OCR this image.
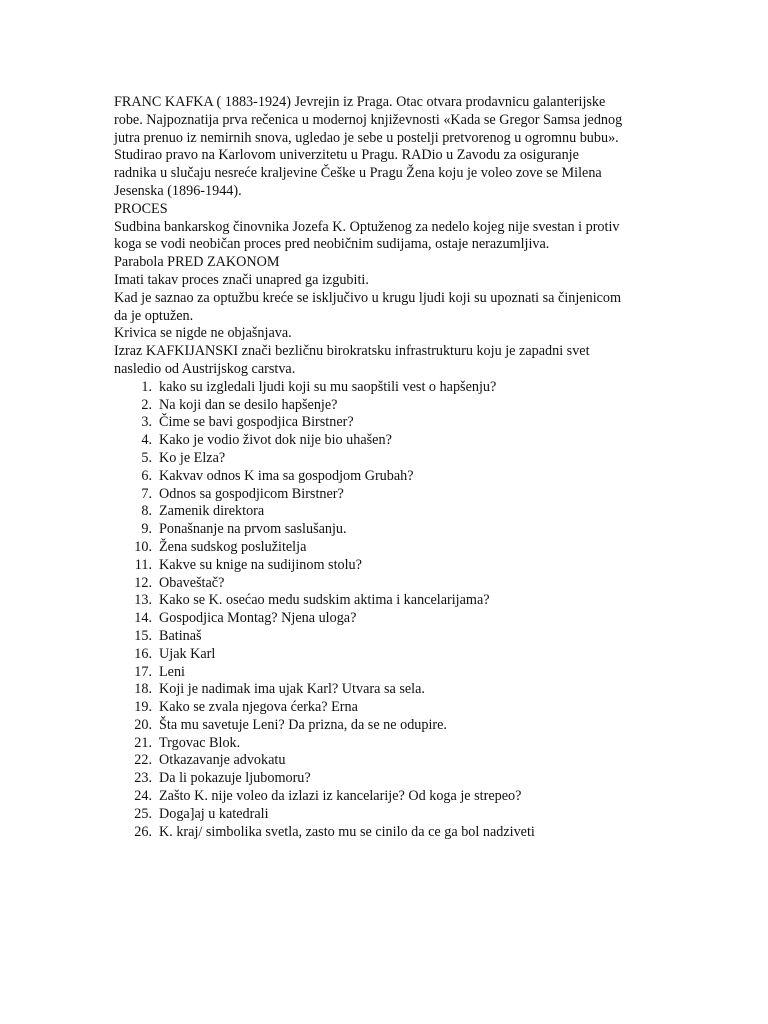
FRANC KAFKA ( 1883-1924) Jevrejin iz Praga. Otac otvara prodavnicu galanterijske

robe. Najpoznatija prva rečenica u modernoj književnosti «Kada se Gregor Samsa jednog

jutra prenuo iz nemirnih snova, ugledao je sebe u postelji pretvorenog u ogromnu bubu».

Studirao pravo na Karlovom univerzitetu u Pragu. RADio u Zavodu za osiguranje

radnika u slučaju nesreće kraljevine Češke u Pragu Žena koju je voleo zove se Milena

Jesenska (1896-1944).

PROCES

Sudbina bankarskog činovnika Jozefa K. Optuženog za nedelo kojeg nije svestan i protiv

koga se vodi neobičan proces pred neobičnim sudijama, ostaje nerazumljiva.

Parabola PRED ZAKONOM

Imati takav proces znači unapred ga izgubiti.

Kad je saznao za optužbu kreće se isključivo u krugu ljudi koji su upoznati sa činjenicom

da je optužen.

Krivica se nigde ne objašnjava.

Izraz KAFKIJANSKI znači bezličnu birokratsku infrastrukturu koju je zapadni svet

nasledio od Austrijskog carstva.

1. kako su izgledali ljudi koji su mu saopštili vest o hapšenju?
2. Na koji dan se desilo hapšenje?
3. Čime se bavi gospodjica Birstner?
4. Kako je vodio život dok nije bio uhašen?
5. Ko je Elza?
6. Kakvav odnos K ima sa gospodjom Grubah?
7. Odnos sa gospodjicom Birstner?
8. Zamenik direktora
9. Ponašnanje na prvom saslušanju.
10. Žena sudskog poslužitelja
11. Kakve su knige na sudijinom stolu?
12. Obaveštač?
13. Kako se K. osećao medu sudskim aktima i kancelarijama?
14. Gospodjica Montag? Njena uloga?
15. Batinaš
16. Ujak Karl
17. Leni
18. Koji je nadimak ima ujak Karl? Utvara sa sela.
19. Kako se zvala njegova ćerka? Erna
20. Šta mu savetuje Leni? Da prizna, da se ne odupire.
21. Trgovac Blok.
22. Otkazavanje advokatu
23. Da li pokazuje ljubomoru?
24. Zašto K. nije voleo da izlazi iz kancelarije? Od koga je strepeo?
25. Doga]aj u katedrali
26. K. kraj/ simbolika svetla, zasto mu se cinilo da ce ga bol nadziveti
